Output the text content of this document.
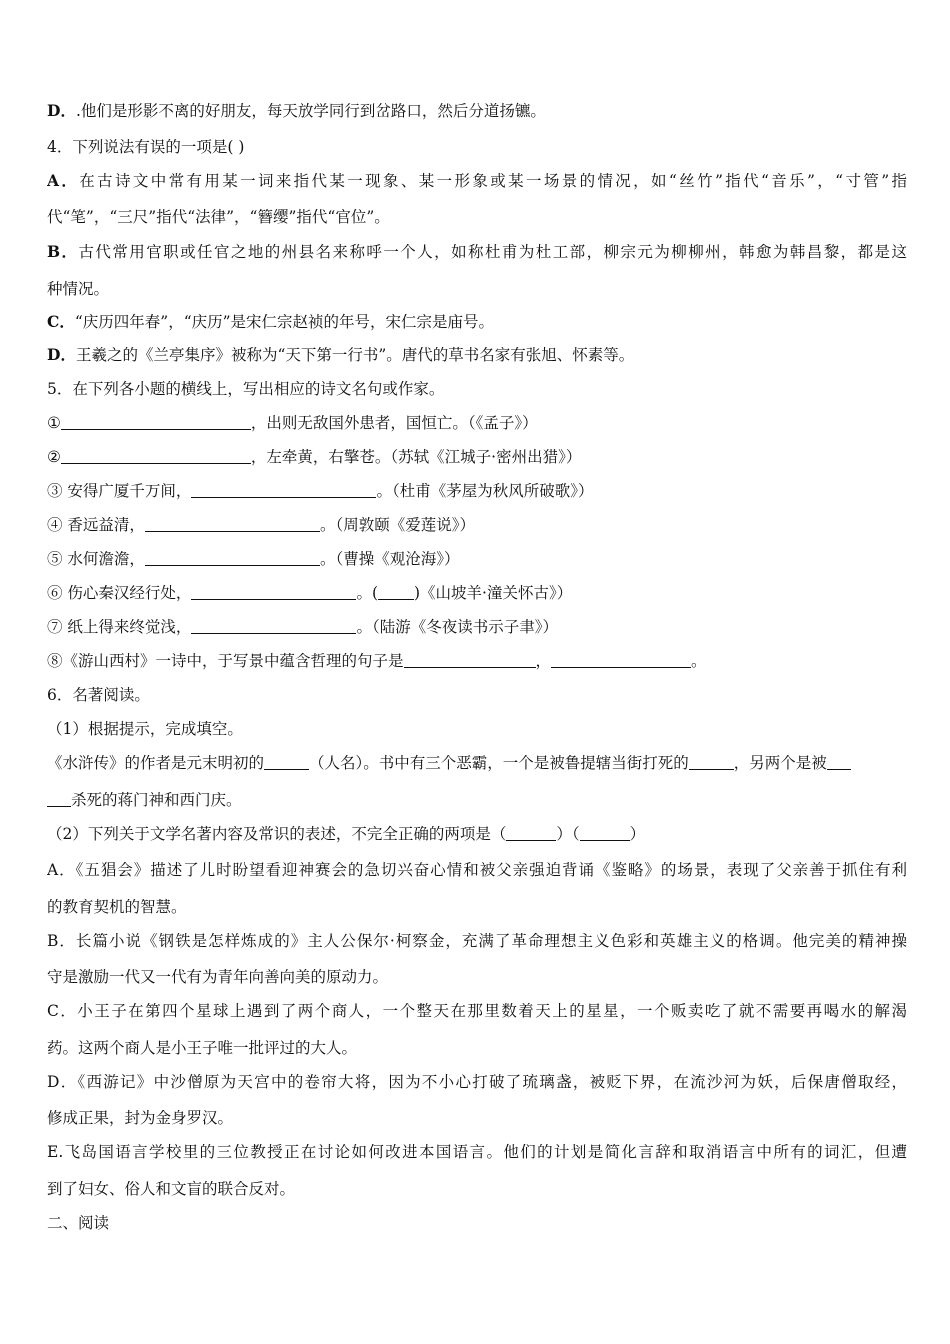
D．.他们是形影不离的好朋友，每天放学同行到岔路口，然后分道扬镳。
4．下列说法有误的一项是( )
A．在古诗文中常有用某一词来指代某一现象、某一形象或某一场景的情况，如“丝竹”指代“音乐”，“寸管”指
代“笔”，“三尺”指代“法律”，“簪缨”指代“官位”。
B．古代常用官职或任官之地的州县名来称呼一个人，如称杜甫为杜工部，柳宗元为柳柳州，韩愈为韩昌黎，都是这
种情况。
C．“庆历四年春”，“庆历”是宋仁宗赵祯的年号，宋仁宗是庙号。
D．王羲之的《兰亭集序》被称为“天下第一行书”。唐代的草书名家有张旭、怀素等。
5．在下列各小题的横线上，写出相应的诗文名句或作家。
①	，出则无敌国外患者，国恒亡。（《孟子》）
②	，左牵黄，右擎苍。（苏轼《江城子·密州出猎》）
③ 安得广厦千万间，	。（杜甫《茅屋为秋风所破歌》）
④ 香远益清，	。（周敦颐《爱莲说》）
⑤ 水何澹澹，	。（曹操《观沧海》）
⑥ 伤心秦汉经行处，	。( )《山坡羊·潼关怀古》）
⑦ 纸上得来终觉浅，	。（陆游《冬夜读书示子聿》）
⑧《游山西村》一诗中，于写景中蕴含哲理的句子是	，	。
6．名著阅读。
（1）根据提示，完成填空。
《水浒传》的作者是元末明初的	（人名）。书中有三个恶霸，一个是被鲁提辖当街打死的	，另两个是被
杀死的蒋门神和西门庆。
（2）下列关于文学名著内容及常识的表述，不完全正确的两项是（	）（	）
A．《五猖会》描述了儿时盼望看迎神赛会的急切兴奋心情和被父亲强迫背诵《鉴略》的场景，表现了父亲善于抓住有利
的教育契机的智慧。
B．长篇小说《钢铁是怎样炼成的》主人公保尔·柯察金，充满了革命理想主义色彩和英雄主义的格调。他完美的精神操
守是激励一代又一代有为青年向善向美的原动力。
C．小王子在第四个星球上遇到了两个商人，一个整天在那里数着天上的星星，一个贩卖吃了就不需要再喝水的解渴
药。这两个商人是小王子唯一批评过的大人。
D．《西游记》中沙僧原为天宫中的卷帘大将，因为不小心打破了琉璃盏，被贬下界，在流沙河为妖，后保唐僧取经，
修成正果，封为金身罗汉。
E.飞岛国语言学校里的三位教授正在讨论如何改进本国语言。他们的计划是简化言辞和取消语言中所有的词汇，但遭
到了妇女、俗人和文盲的联合反对。
二、阅读
